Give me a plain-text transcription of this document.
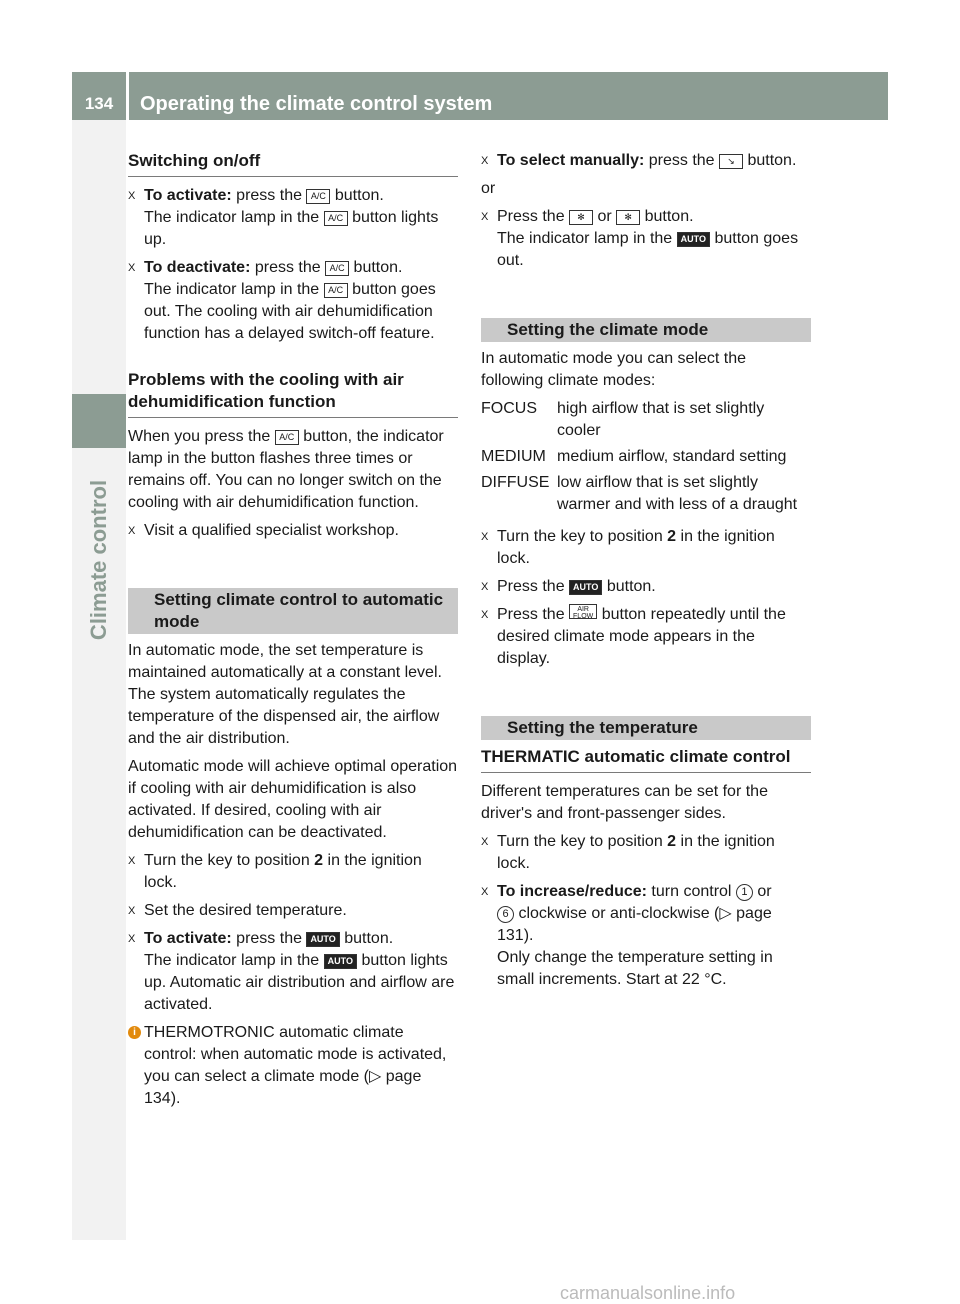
134	Operating the climate control system
Climate control
Switching on/off
X To activate: press the A/C button.
The indicator lamp in the A/C button lights up.
X To deactivate: press the A/C button.
The indicator lamp in the A/C button goes out. The cooling with air dehumidification function has a delayed switch-off feature.
Problems with the cooling with air dehumidification function

When you press the A/C button, the indicator lamp in the button flashes three times or remains off. You can no longer switch on the cooling with air dehumidification function.

X Visit a qualified specialist workshop.
Setting climate control to automatic mode

In automatic mode, the set temperature is maintained automatically at a constant level. The system automatically regulates the temperature of the dispensed air, the airflow and the air distribution.

Automatic mode will achieve optimal operation if cooling with air dehumidification is also activated. If desired, cooling with air dehumidification can be deactivated.

X Turn the key to position 2 in the ignition lock.
X Set the desired temperature.
X To activate: press the AUTO button.
The indicator lamp in the AUTO button lights up. Automatic air distribution and airflow are activated.
i THERMOTRONIC automatic climate control: when automatic mode is activated, you can select a climate mode (▷ page 134).
X To select manually: press the ↘ button.

or

X Press the ✻ or ✻ button.
The indicator lamp in the AUTO button goes out.
Setting the climate mode

In automatic mode you can select the following climate modes:

FOCUS	high airflow that is set slightly cooler
MEDIUM medium airflow, standard setting
DIFFUSE low airflow that is set slightly warmer and with less of a draught
X Turn the key to position 2 in the ignition lock.
X Press the AUTO button.
X Press the AIR
FLOW button repeatedly until the desired climate mode appears in the display.
Setting the temperature
THERMATIC automatic climate control

Different temperatures can be set for the driver's and front-passenger sides.

X Turn the key to position 2 in the ignition lock.
X To increase/reduce: turn control 1 or
6 clockwise or anti-clockwise (▷ page 131).
Only change the temperature setting in small increments. Start at 22 °C.
carmanualsonline.info
